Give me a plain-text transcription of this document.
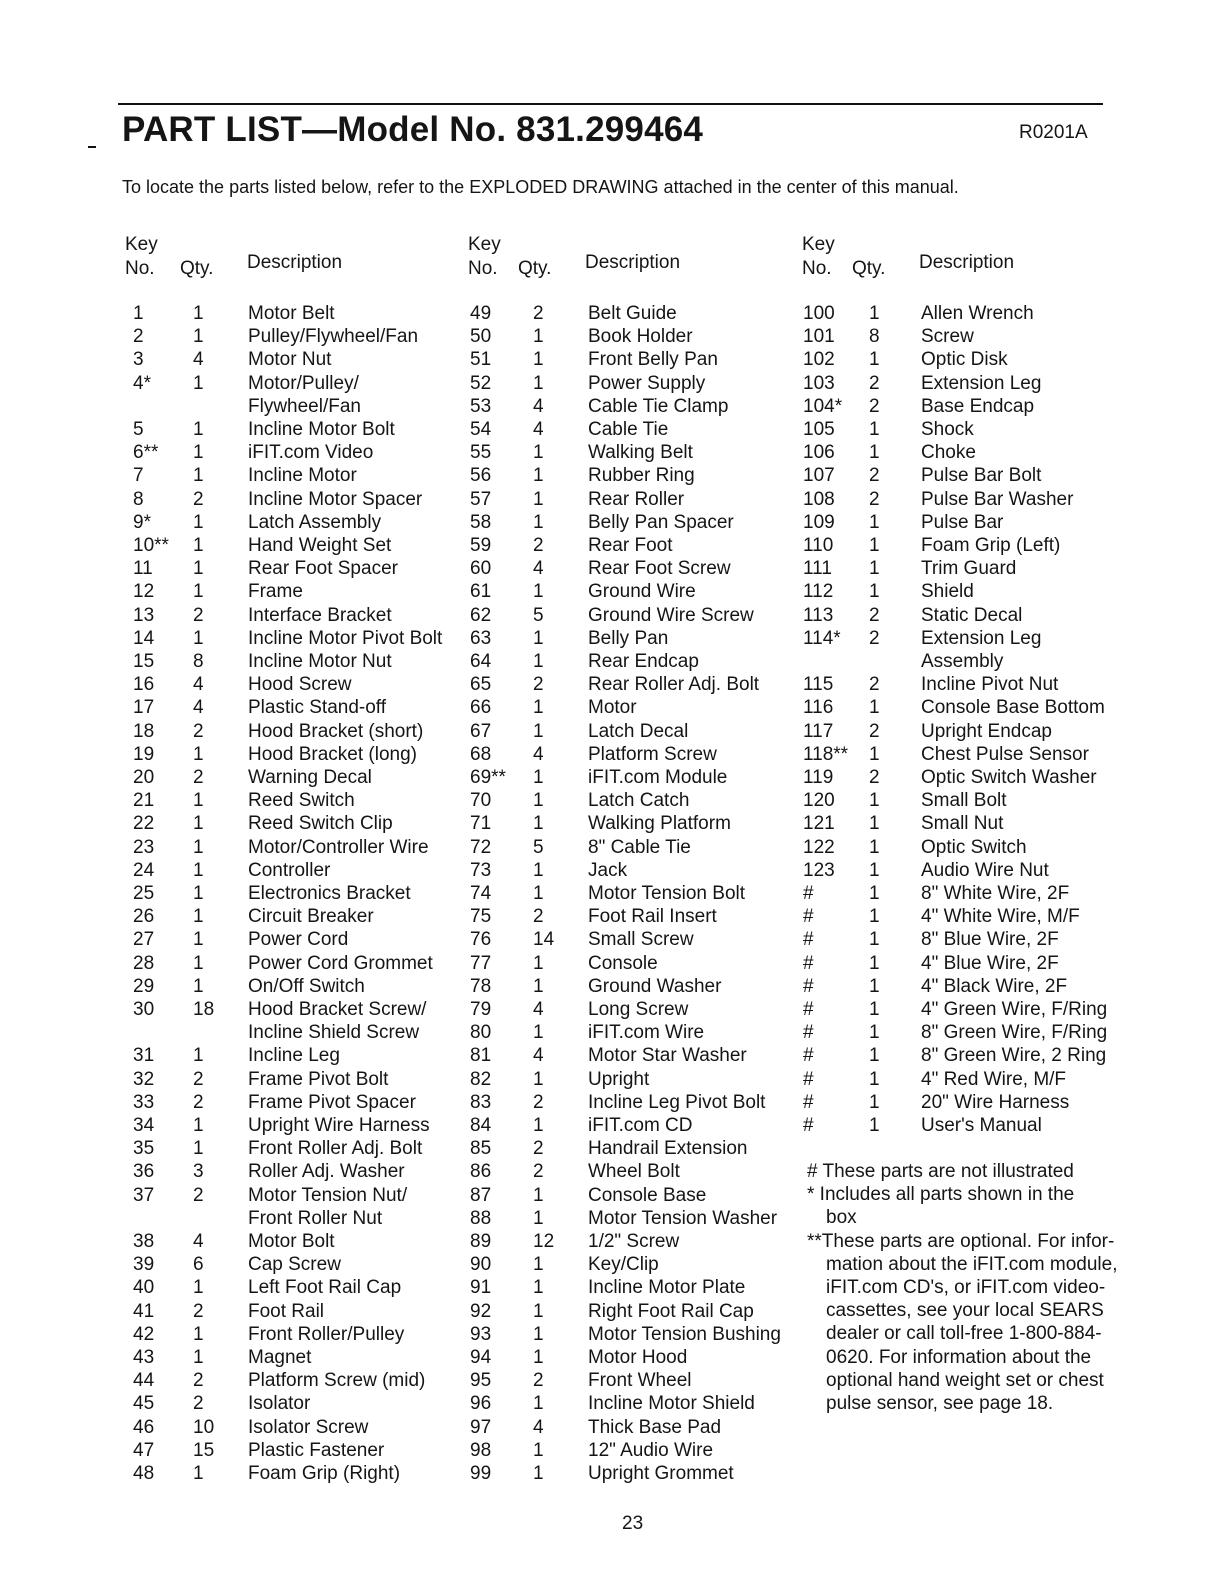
PART LIST—Model No. 831.299464	R0201A
To locate the parts listed below, refer to the EXPLODED DRAWING attached in the center of this manual.
Key
No. Qty. Description
Key
No. Qty. Description
Key
No. Qty. Description
1	1 Motor Belt
2	1 Pulley/Flywheel/Fan
3	4 Motor Nut
4* 1 Motor/Pulley/
Flywheel/Fan
5	1 Incline Motor Bolt
6** 1 iFIT.com Video
7	1 Incline Motor
8	2 Incline Motor Spacer
9* 1 Latch Assembly
10** 1 Hand Weight Set
11 1 Rear Foot Spacer
12 1 Frame
13 2 Interface Bracket
14 1 Incline Motor Pivot Bolt
15 8 Incline Motor Nut
16 4 Hood Screw
17 4 Plastic Stand-off
18 2 Hood Bracket (short)
19 1 Hood Bracket (long)
20 2 Warning Decal
21 1 Reed Switch
22 1 Reed Switch Clip
23 1 Motor/Controller Wire
24 1 Controller
25 1 Electronics Bracket
26 1 Circuit Breaker
27 1 Power Cord
28 1 Power Cord Grommet
29 1 On/Off Switch
30 18 Hood Bracket Screw/
Incline Shield Screw
31 1 Incline Leg
32 2 Frame Pivot Bolt
33 2 Frame Pivot Spacer
34 1 Upright Wire Harness
35 1 Front Roller Adj. Bolt
36 3 Roller Adj. Washer
37 2 Motor Tension Nut/
Front Roller Nut
38 4 Motor Bolt
39 6 Cap Screw
40 1 Left Foot Rail Cap
41 2 Foot Rail
42 1 Front Roller/Pulley
43 1 Magnet
44 2 Platform Screw (mid)
45 2 Isolator
46 10 Isolator Screw
47 15 Plastic Fastener
48 1 Foam Grip (Right)
49 2 Belt Guide
50 1 Book Holder
51 1 Front Belly Pan
52 1 Power Supply
53 4 Cable Tie Clamp
54 4 Cable Tie
55 1 Walking Belt
56 1 Rubber Ring
57 1 Rear Roller
58 1 Belly Pan Spacer
59 2 Rear Foot
60 4 Rear Foot Screw
61 1 Ground Wire
62 5 Ground Wire Screw
63 1 Belly Pan
64 1 Rear Endcap
65 2 Rear Roller Adj. Bolt
66 1 Motor
67 1 Latch Decal
68 4 Platform Screw
69** 1 iFIT.com Module
70 1 Latch Catch
71 1 Walking Platform
72 5 8" Cable Tie
73 1 Jack
74 1 Motor Tension Bolt
75 2 Foot Rail Insert
76 14 Small Screw
77 1 Console
78 1 Ground Washer
79 4 Long Screw
80 1 iFIT.com Wire
81 4 Motor Star Washer
82 1 Upright
83 2 Incline Leg Pivot Bolt
84 1 iFIT.com CD
85 2 Handrail Extension
86 2 Wheel Bolt
87 1 Console Base
88 1 Motor Tension Washer
89 12 1/2" Screw
90 1 Key/Clip
91 1 Incline Motor Plate
92 1 Right Foot Rail Cap
93 1 Motor Tension Bushing
94 1 Motor Hood
95 2 Front Wheel
96 1 Incline Motor Shield
97 4 Thick Base Pad
98 1 12" Audio Wire
99 1 Upright Grommet
100 1 Allen Wrench
101 8 Screw
102 1 Optic Disk
103 2 Extension Leg
104* 2 Base Endcap
105 1 Shock
106 1 Choke
107 2 Pulse Bar Bolt
108 2 Pulse Bar Washer
109 1 Pulse Bar
110 1 Foam Grip (Left)
111 1 Trim Guard
112 1 Shield
113 2 Static Decal
114* 2 Extension Leg
Assembly
115 2 Incline Pivot Nut
116 1 Console Base Bottom
117 2 Upright Endcap
118** 1 Chest Pulse Sensor
119 2 Optic Switch Washer
120 1 Small Bolt
121 1 Small Nut
122 1 Optic Switch
123 1 Audio Wire Nut
#	1 8" White Wire, 2F
#	1 4" White Wire, M/F
#	1 8" Blue Wire, 2F
#	1 4" Blue Wire, 2F
#	1 4" Black Wire, 2F
#	1 4" Green Wire, F/Ring
#	1 8" Green Wire, F/Ring
#	1 8" Green Wire, 2 Ring
#	1 4" Red Wire, M/F
#	1 20" Wire Harness
#	1 User's Manual
# These parts are not illustrated
* Includes all parts shown in the
box
**These parts are optional. For infor-
mation about the iFIT.com module,
iFIT.com CD's, or iFIT.com video-
cassettes, see your local SEARS
dealer or call toll-free 1-800-884-
0620. For information about the
optional hand weight set or chest
pulse sensor, see page 18.
23
